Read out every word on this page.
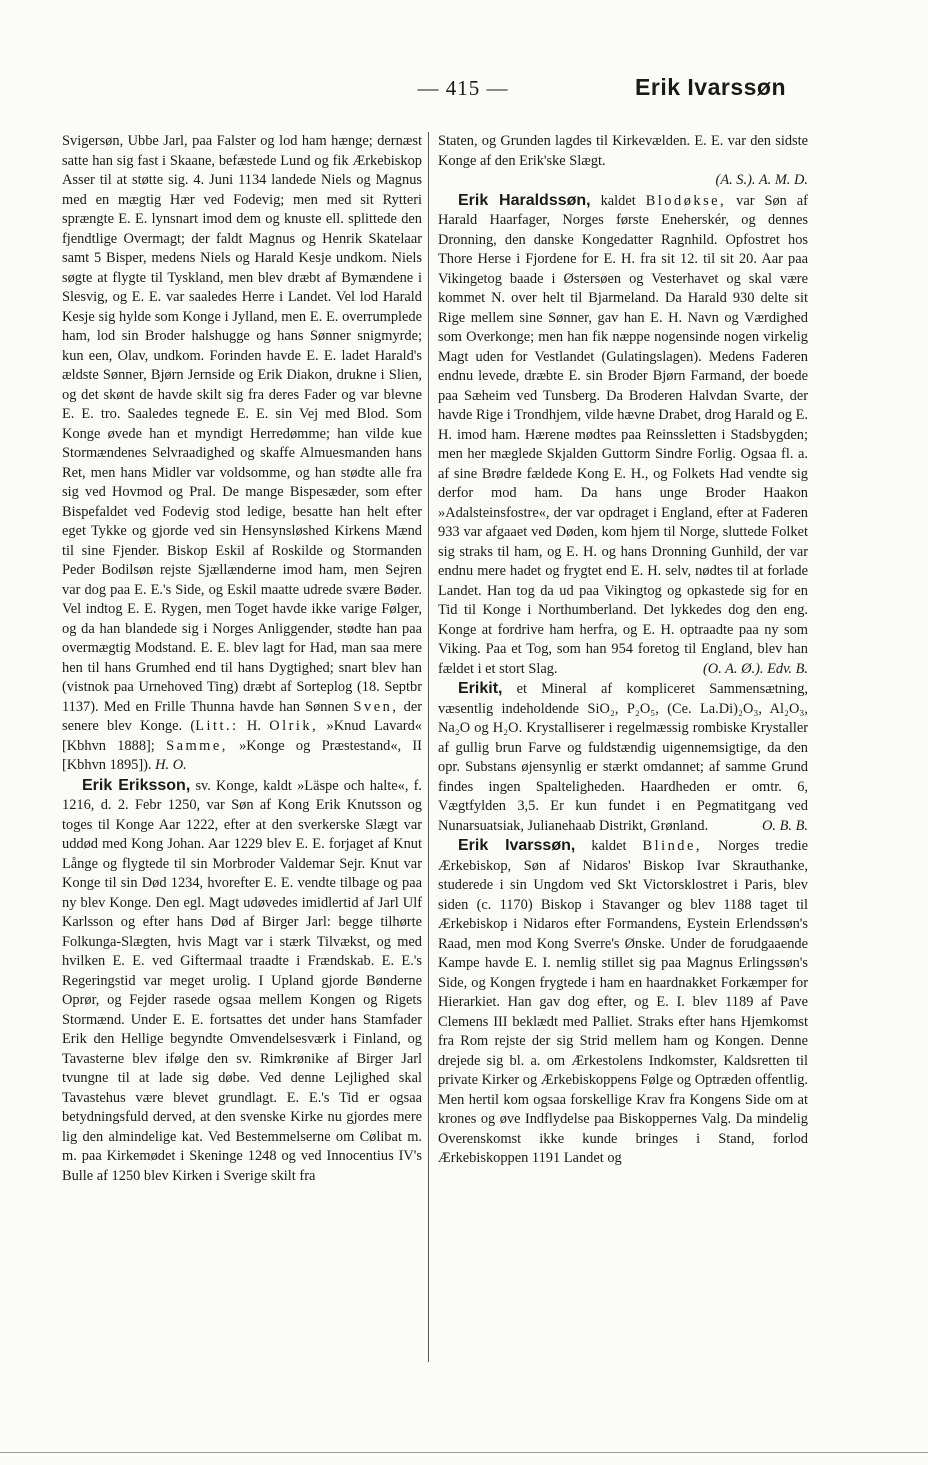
— 415 —	Erik Ivarssøn

Svigersøn, Ubbe Jarl, paa Falster og lod ham hænge; dernæst satte han sig fast i Skaane, befæstede Lund og fik Ærkebiskop Asser til at støtte sig. 4. Juni 1134 landede Niels og Magnus med en mægtig Hær ved Fodevig; men med sit Rytteri sprængte E. E. lynsnart imod dem og knuste ell. splittede den fjendtlige Overmagt; der faldt Magnus og Henrik Skatelaar samt 5 Bisper, medens Niels og Harald Kesje undkom. Niels søgte at flygte til Tyskland, men blev dræbt af Bymændene i Slesvig, og E. E. var saaledes Herre i Landet. Vel lod Harald Kesje sig hylde som Konge i Jylland, men E. E. overrumplede ham, lod sin Broder halshugge og hans Sønner snigmyrde; kun een, Olav, undkom. Forinden havde E. E. ladet Harald's ældste Sønner, Bjørn Jernside og Erik Diakon, drukne i Slien, og det skønt de havde skilt sig fra deres Fader og var blevne E. E. tro. Saaledes tegnede E. E. sin Vej med Blod. Som Konge øvede han et myndigt Herredømme; han vilde kue Stormændenes Selvraadighed og skaffe Almuesmanden hans Ret, men hans Midler var voldsomme, og han stødte alle fra sig ved Hovmod og Pral. De mange Bispesæder, som efter Bispefaldet ved Fodevig stod ledige, besatte han helt efter eget Tykke og gjorde ved sin Hensynsløshed Kirkens Mænd til sine Fjender. Biskop Eskil af Roskilde og Stormanden Peder Bodilsøn rejste Sjællænderne imod ham, men Sejren var dog paa E. E.'s Side, og Eskil maatte udrede svære Bøder. Vel indtog E. E. Rygen, men Toget havde ikke varige Følger, og da han blandede sig i Norges Anliggender, stødte han paa overmægtig Modstand. E. E. blev lagt for Had, man saa mere hen til hans Grumhed end til hans Dygtighed; snart blev han (vistnok paa Urnehoved Ting) dræbt af Sorteplog (18. Septbr 1137). Med en Frille Thunna havde han Sønnen Sven, der senere blev Konge. (Litt.: H. Olrik, »Knud Lavard« [Kbhvn 1888]; Samme, »Konge og Præstestand«, II [Kbhvn 1895]). H. O.

Erik Eriksson, sv. Konge, kaldt »Läspe och halte«, f. 1216, d. 2. Febr 1250, var Søn af Kong Erik Knutsson og toges til Konge Aar 1222, efter at den sverkerske Slægt var uddød med Kong Johan. Aar 1229 blev E. E. forjaget af Knut Långe og flygtede til sin Morbroder Valdemar Sejr. Knut var Konge til sin Død 1234, hvorefter E. E. vendte tilbage og paa ny blev Konge. Den egl. Magt udøvedes imidlertid af Jarl Ulf Karlsson og efter hans Død af Birger Jarl: begge tilhørte Folkunga-Slægten, hvis Magt var i stærk Tilvækst, og med hvilken E. E. ved Giftermaal traadte i Frændskab. E. E.'s Regeringstid var meget urolig. I Upland gjorde Bønderne Oprør, og Fejder rasede ogsaa mellem Kongen og Rigets Stormænd. Under E. E. fortsattes det under hans Stamfader Erik den Hellige begyndte Omvendelsesværk i Finland, og Tavasterne blev ifølge den sv. Rimkrønike af Birger Jarl tvungne til at lade sig døbe. Ved denne Lejlighed skal Tavastehus være blevet grundlagt. E. E.'s Tid er ogsaa betydningsfuld derved, at den svenske Kirke nu gjordes mere lig den almindelige kat. Ved Bestemmelserne om Cølibat m. m. paa Kirkemødet i Skeninge 1248 og ved Innocentius IV's Bulle af 1250 blev Kirken i Sverige skilt fra

Staten, og Grunden lagdes til Kirkevælden. E. E. var den sidste Konge af den Erik'ske Slægt.
(A. S.). A. M. D.

Erik Haraldssøn, kaldet Blodøkse, var Søn af Harald Haarfager, Norges første Eneherskér, og dennes Dronning, den danske Kongedatter Ragnhild. Opfostret hos Thore Herse i Fjordene for E. H. fra sit 12. til sit 20. Aar paa Vikingetog baade i Østersøen og Vesterhavet og skal være kommet N. over helt til Bjarmeland. Da Harald 930 delte sit Rige mellem sine Sønner, gav han E. H. Navn og Værdighed som Overkonge; men han fik næppe nogensinde nogen virkelig Magt uden for Vestlandet (Gulatingslagen). Medens Faderen endnu levede, dræbte E. sin Broder Bjørn Farmand, der boede paa Sæheim ved Tunsberg. Da Broderen Halvdan Svarte, der havde Rige i Trondhjem, vilde hævne Drabet, drog Harald og E. H. imod ham. Hærene mødtes paa Reinssletten i Stadsbygden; men her mæglede Skjalden Guttorm Sindre Forlig. Ogsaa fl. a. af sine Brødre fældede Kong E. H., og Folkets Had vendte sig derfor mod ham. Da hans unge Broder Haakon »Adalsteinsfostre«, der var opdraget i England, efter at Faderen 933 var afgaaet ved Døden, kom hjem til Norge, sluttede Folket sig straks til ham, og E. H. og hans Dronning Gunhild, der var endnu mere hadet og frygtet end E. H. selv, nødtes til at forlade Landet. Han tog da ud paa Vikingtog og opkastede sig for en Tid til Konge i Northumberland. Det lykkedes dog den eng. Konge at fordrive ham herfra, og E. H. optraadte paa ny som Viking. Paa et Tog, som han 954 foretog til England, blev han fældet i et stort Slag.	(O. A. Ø.). Edv. B.

Erikit, et Mineral af kompliceret Sammensætning, væsentlig indeholdende SiO₂, P₂O₅, (Ce. La.Di)₂O₃, Al₂O₃, Na₂O og H₂O. Krystalliserer i regelmæssig rombiske Krystaller af gullig brun Farve og fuldstændig uigennemsigtige, da den opr. Substans øjensynlig er stærkt omdannet; af samme Grund findes ingen Spalteligheden. Haardheden er omtr. 6, Vægtfylden 3,5. Er kun fundet i en Pegmatitgang ved Nunarsuatsiak, Julianehaab Distrikt, Grønland.	O. B. B.

Erik Ivarssøn, kaldet Blinde, Norges tredie Ærkebiskop, Søn af Nidaros' Biskop Ivar Skrauthanke, studerede i sin Ungdom ved Skt Victorsklostret i Paris, blev siden (c. 1170) Biskop i Stavanger og blev 1188 taget til Ærkebiskop i Nidaros efter Formandens, Eystein Erlendssøn's Raad, men mod Kong Sverre's Ønske. Under de forudgaaende Kampe havde E. I. nemlig stillet sig paa Magnus Erlingssøn's Side, og Kongen frygtede i ham en haardnakket Forkæmper for Hierarkiet. Han gav dog efter, og E. I. blev 1189 af Pave Clemens III beklædt med Palliet. Straks efter hans Hjemkomst fra Rom rejste der sig Strid mellem ham og Kongen. Denne drejede sig bl. a. om Ærkestolens Indkomster, Kaldsretten til private Kirker og Ærkebiskoppens Følge og Optræden offentlig. Men hertil kom ogsaa forskellige Krav fra Kongens Side om at krones og øve Indflydelse paa Biskoppernes Valg. Da mindelig Overenskomst ikke kunde bringes i Stand, forlod Ærkebiskoppen 1191 Landet og
